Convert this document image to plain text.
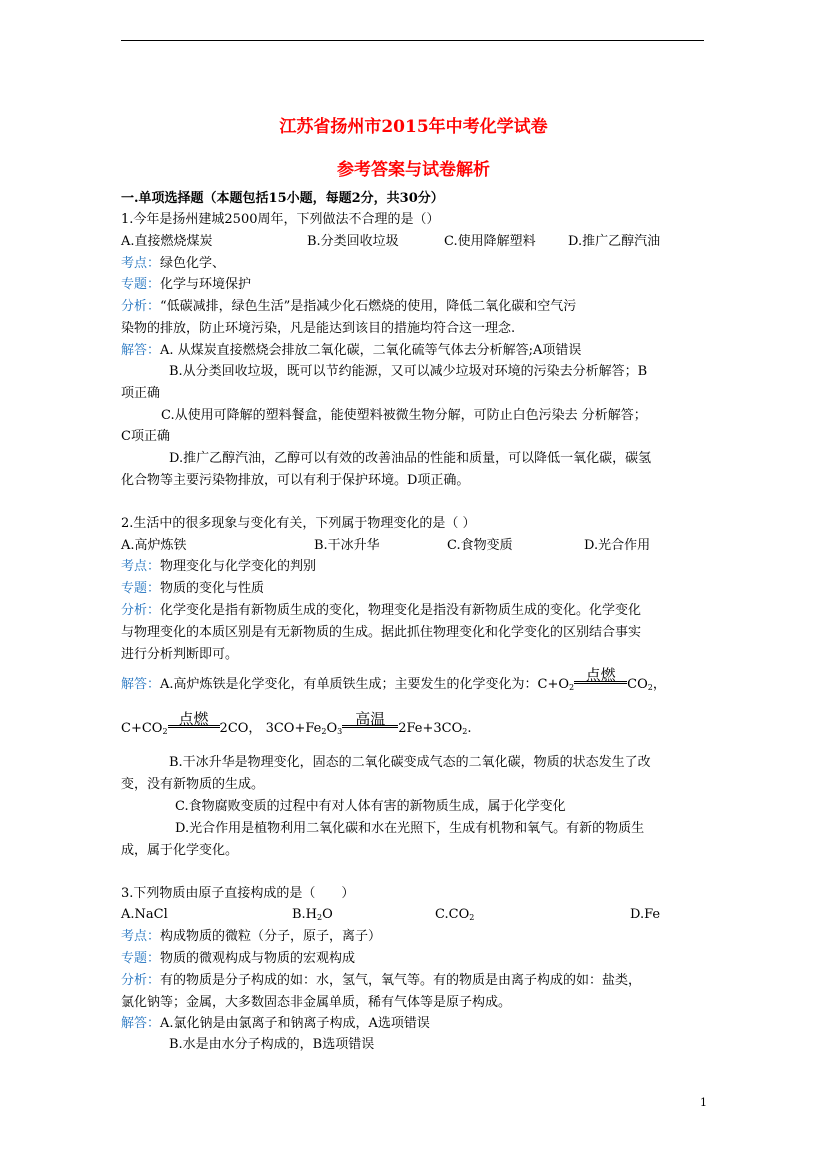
江苏省扬州市2015年中考化学试卷
参考答案与试卷解析
一.单项选择题（本题包括15小题，每题2分，共30分）
1.今年是扬州建城2500周年，下列做法不合理的是（）
A.直接燃烧煤炭	B.分类回收垃圾	C.使用降解塑料 D.推广乙醇汽油
考点：绿色化学、
专题：化学与环境保护
分析：“低碳减排，绿色生活”是指减少化石燃烧的使用，降低二氧化碳和空气污
染物的排放，防止环境污染，凡是能达到该目的措施均符合这一理念.
解答：A. 从煤炭直接燃烧会排放二氧化碳，二氧化硫等气体去分析解答;A项错误
B.从分类回收垃圾，既可以节约能源，又可以减少垃圾对环境的污染去分析解答；B
项正确
C.从使用可降解的塑料餐盒，能使塑料被微生物分解，可防止白色污染去 分析解答；
C项正确
D.推广乙醇汽油，乙醇可以有效的改善油品的性能和质量，可以降低一氧化碳，碳氢
化合物等主要污染物排放，可以有利于保护环境。D项正确。
2.生活中的很多现象与变化有关，下列属于物理变化的是（ ）
A.高炉炼铁	B.干冰升华	C.食物变质	D.光合作用
考点：物理变化与化学变化的判别
专题：物质的变化与性质
分析：化学变化是指有新物质生成的变化，物理变化是指没有新物质生成的变化。化学变化
与物理变化的本质区别是有无新物质的生成。据此抓住物理变化和化学变化的区别结合事实
进行分析判断即可。
解答：A.高炉炼铁是化学变化，有单质铁生成；主要发生的化学变化为：$C+O_2$
点燃
$CO_2$，
$C+CO_2$
点燃
2CO， $3CO+Fe_2O_3$
高温
$2Fe+3CO_2$.
B.干冰升华是物理变化，固态的二氧化碳变成气态的二氧化碳，物质的状态发生了改
变，没有新物质的生成。
C.食物腐败变质的过程中有对人体有害的新物质生成，属于化学变化
D.光合作用是植物利用二氧化碳和水在光照下，生成有机物和氧气。有新的物质生
成，属于化学变化。
3.下列物质由原子直接构成的是（　　）
A.NaCl	$B.H_2O$	$C.CO_2$	D.Fe
考点：构成物质的微粒（分子，原子，离子）
专题：物质的微观构成与物质的宏观构成
分析：有的物质是分子构成的如：水，氢气，氧气等。有的物质是由离子构成的如：盐类，
氯化钠等；金属，大多数固态非金属单质，稀有气体等是原子构成。
解答：A.氯化钠是由氯离子和钠离子构成，A选项错误
B.水是由水分子构成的，B选项错误
1
